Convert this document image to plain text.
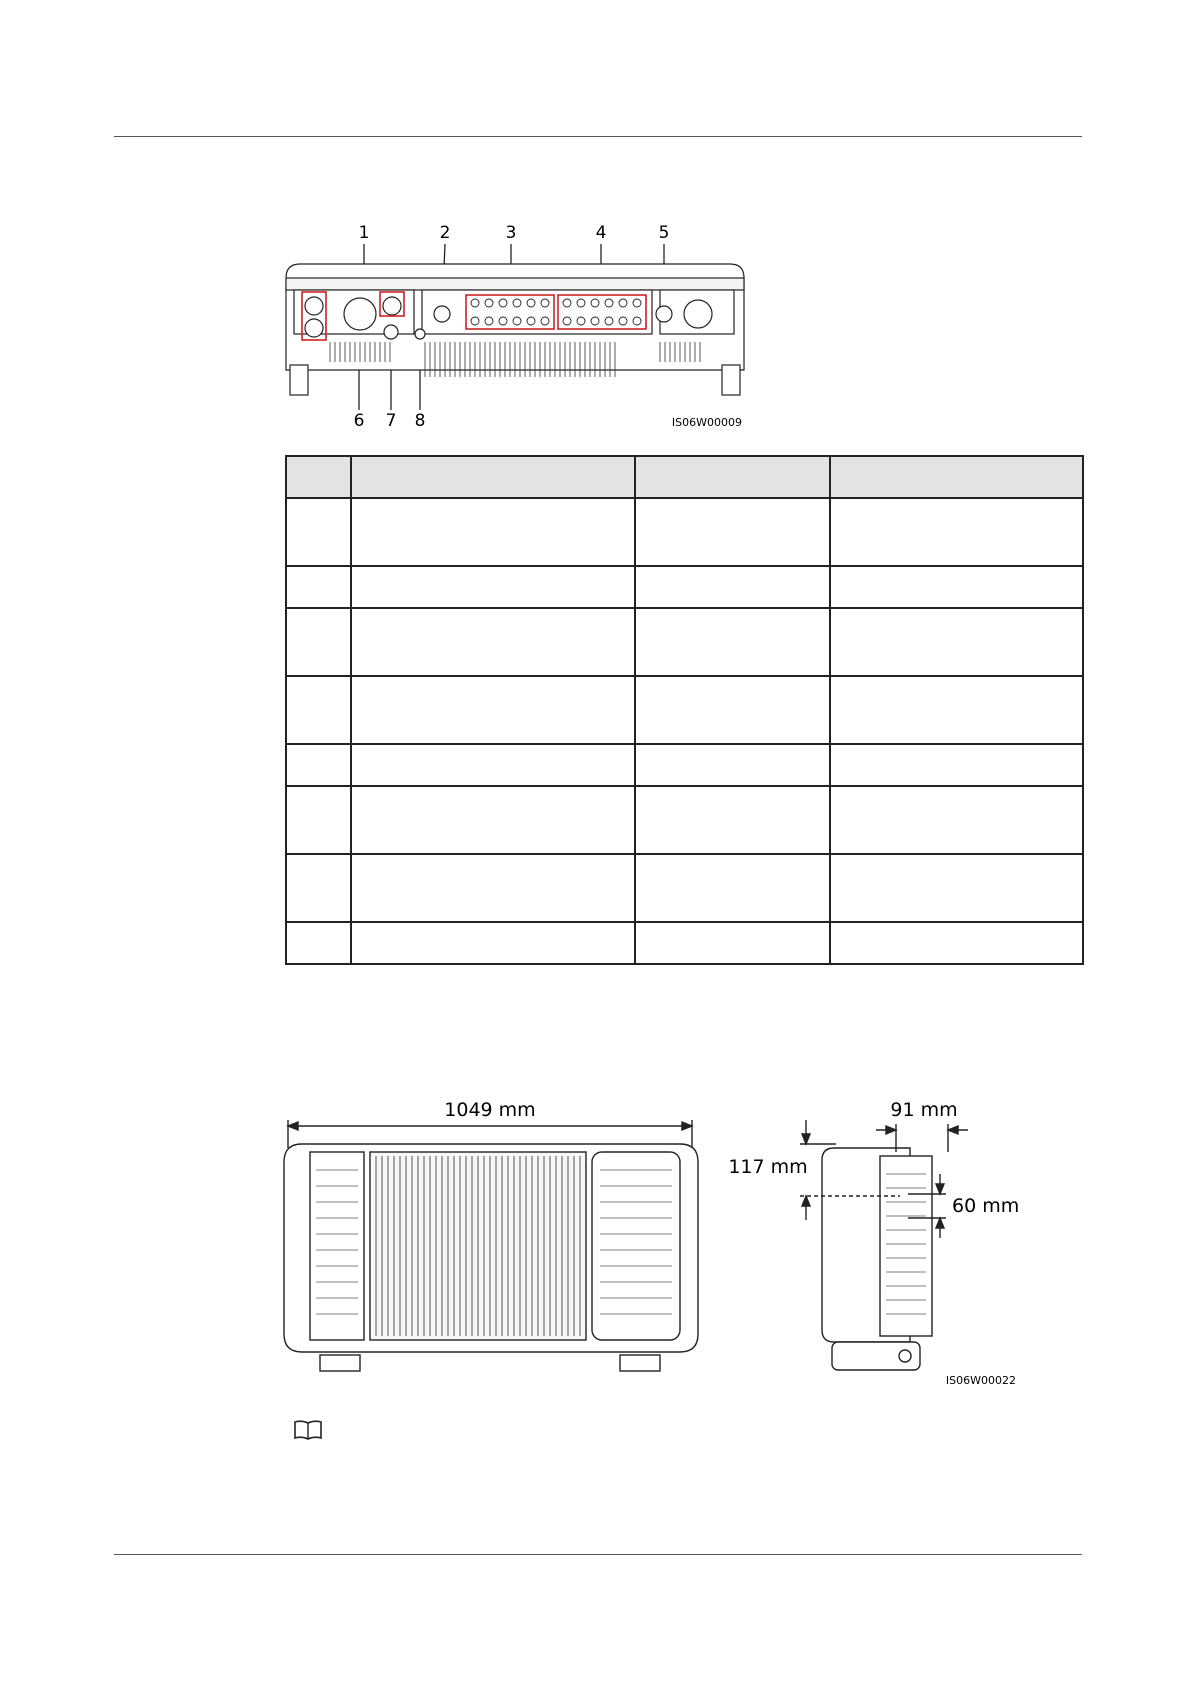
1	2	3	4	5
6 7 8	IS06W00009

1049 mm	91 mm
117 mm
60 mm
IS06W00022
